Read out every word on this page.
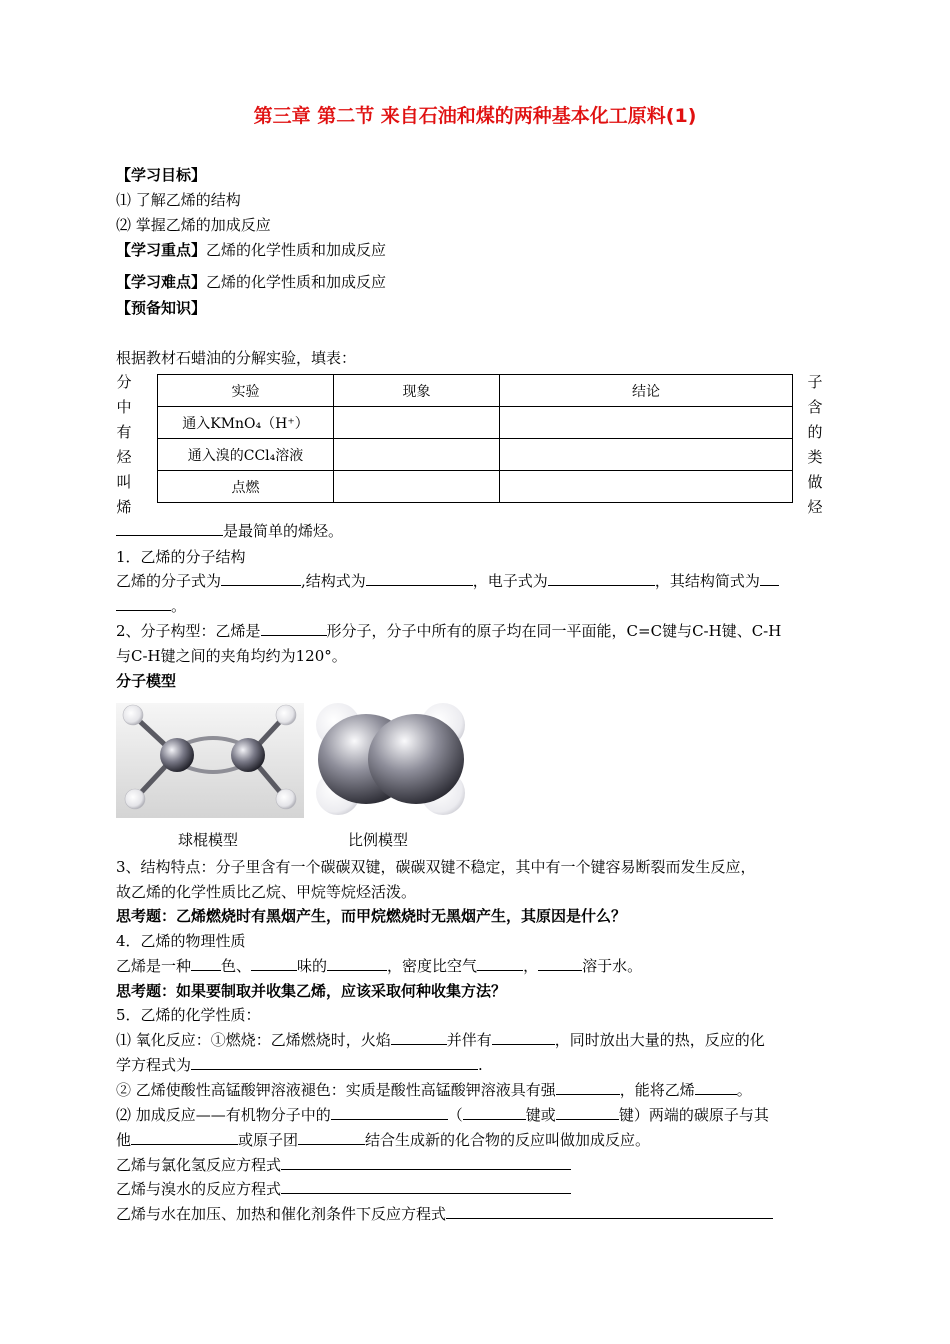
第三章 第二节 来自石油和煤的两种基本化工原料(1)
【学习目标】
⑴ 了解乙烯的结构
⑵ 掌握乙烯的加成反应
【学习重点】乙烯的化学性质和加成反应
【学习难点】乙烯的化学性质和加成反应
【预备知识】
根据教材石蜡油的分解实验，填表：
分
中
有
烃
叫
烯
子
含
的
类
做
烃
实验	现象	结论
通入KMnO₄（H⁺）		
通入溴的CCl₄溶液		
点燃		
是最简单的烯烃。
1．乙烯的分子结构
乙烯的分子式为	,结构式为	，电子式为	，其结构简式为
。
2、分子构型：乙烯是	形分子，分子中所有的原子均在同一平面能，C=C键与C-H键、C-H
与C-H键之间的夹角均约为120°。
分子模型
球棍模型	比例模型
3、结构特点：分子里含有一个碳碳双键，碳碳双键不稳定，其中有一个键容易断裂而发生反应，
故乙烯的化学性质比乙烷、甲烷等烷烃活泼。
思考题：乙烯燃烧时有黑烟产生，而甲烷燃烧时无黑烟产生，其原因是什么？
4．乙烯的物理性质
乙烯是一种 色、	味的	，密度比空气	，	溶于水。
思考题：如果要制取并收集乙烯，应该采取何种收集方法？
5．乙烯的化学性质：
⑴ 氧化反应：①燃烧：乙烯燃烧时，火焰	并伴有	，同时放出大量的热，反应的化
学方程式为	.
② 乙烯使酸性高锰酸钾溶液褪色：实质是酸性高锰酸钾溶液具有强	，能将乙烯	。
⑵ 加成反应——有机物分子中的	（	键或	键）两端的碳原子与其
他	或原子团	结合生成新的化合物的反应叫做加成反应。
乙烯与氯化氢反应方程式
乙烯与溴水的反应方程式
乙烯与水在加压、加热和催化剂条件下反应方程式
